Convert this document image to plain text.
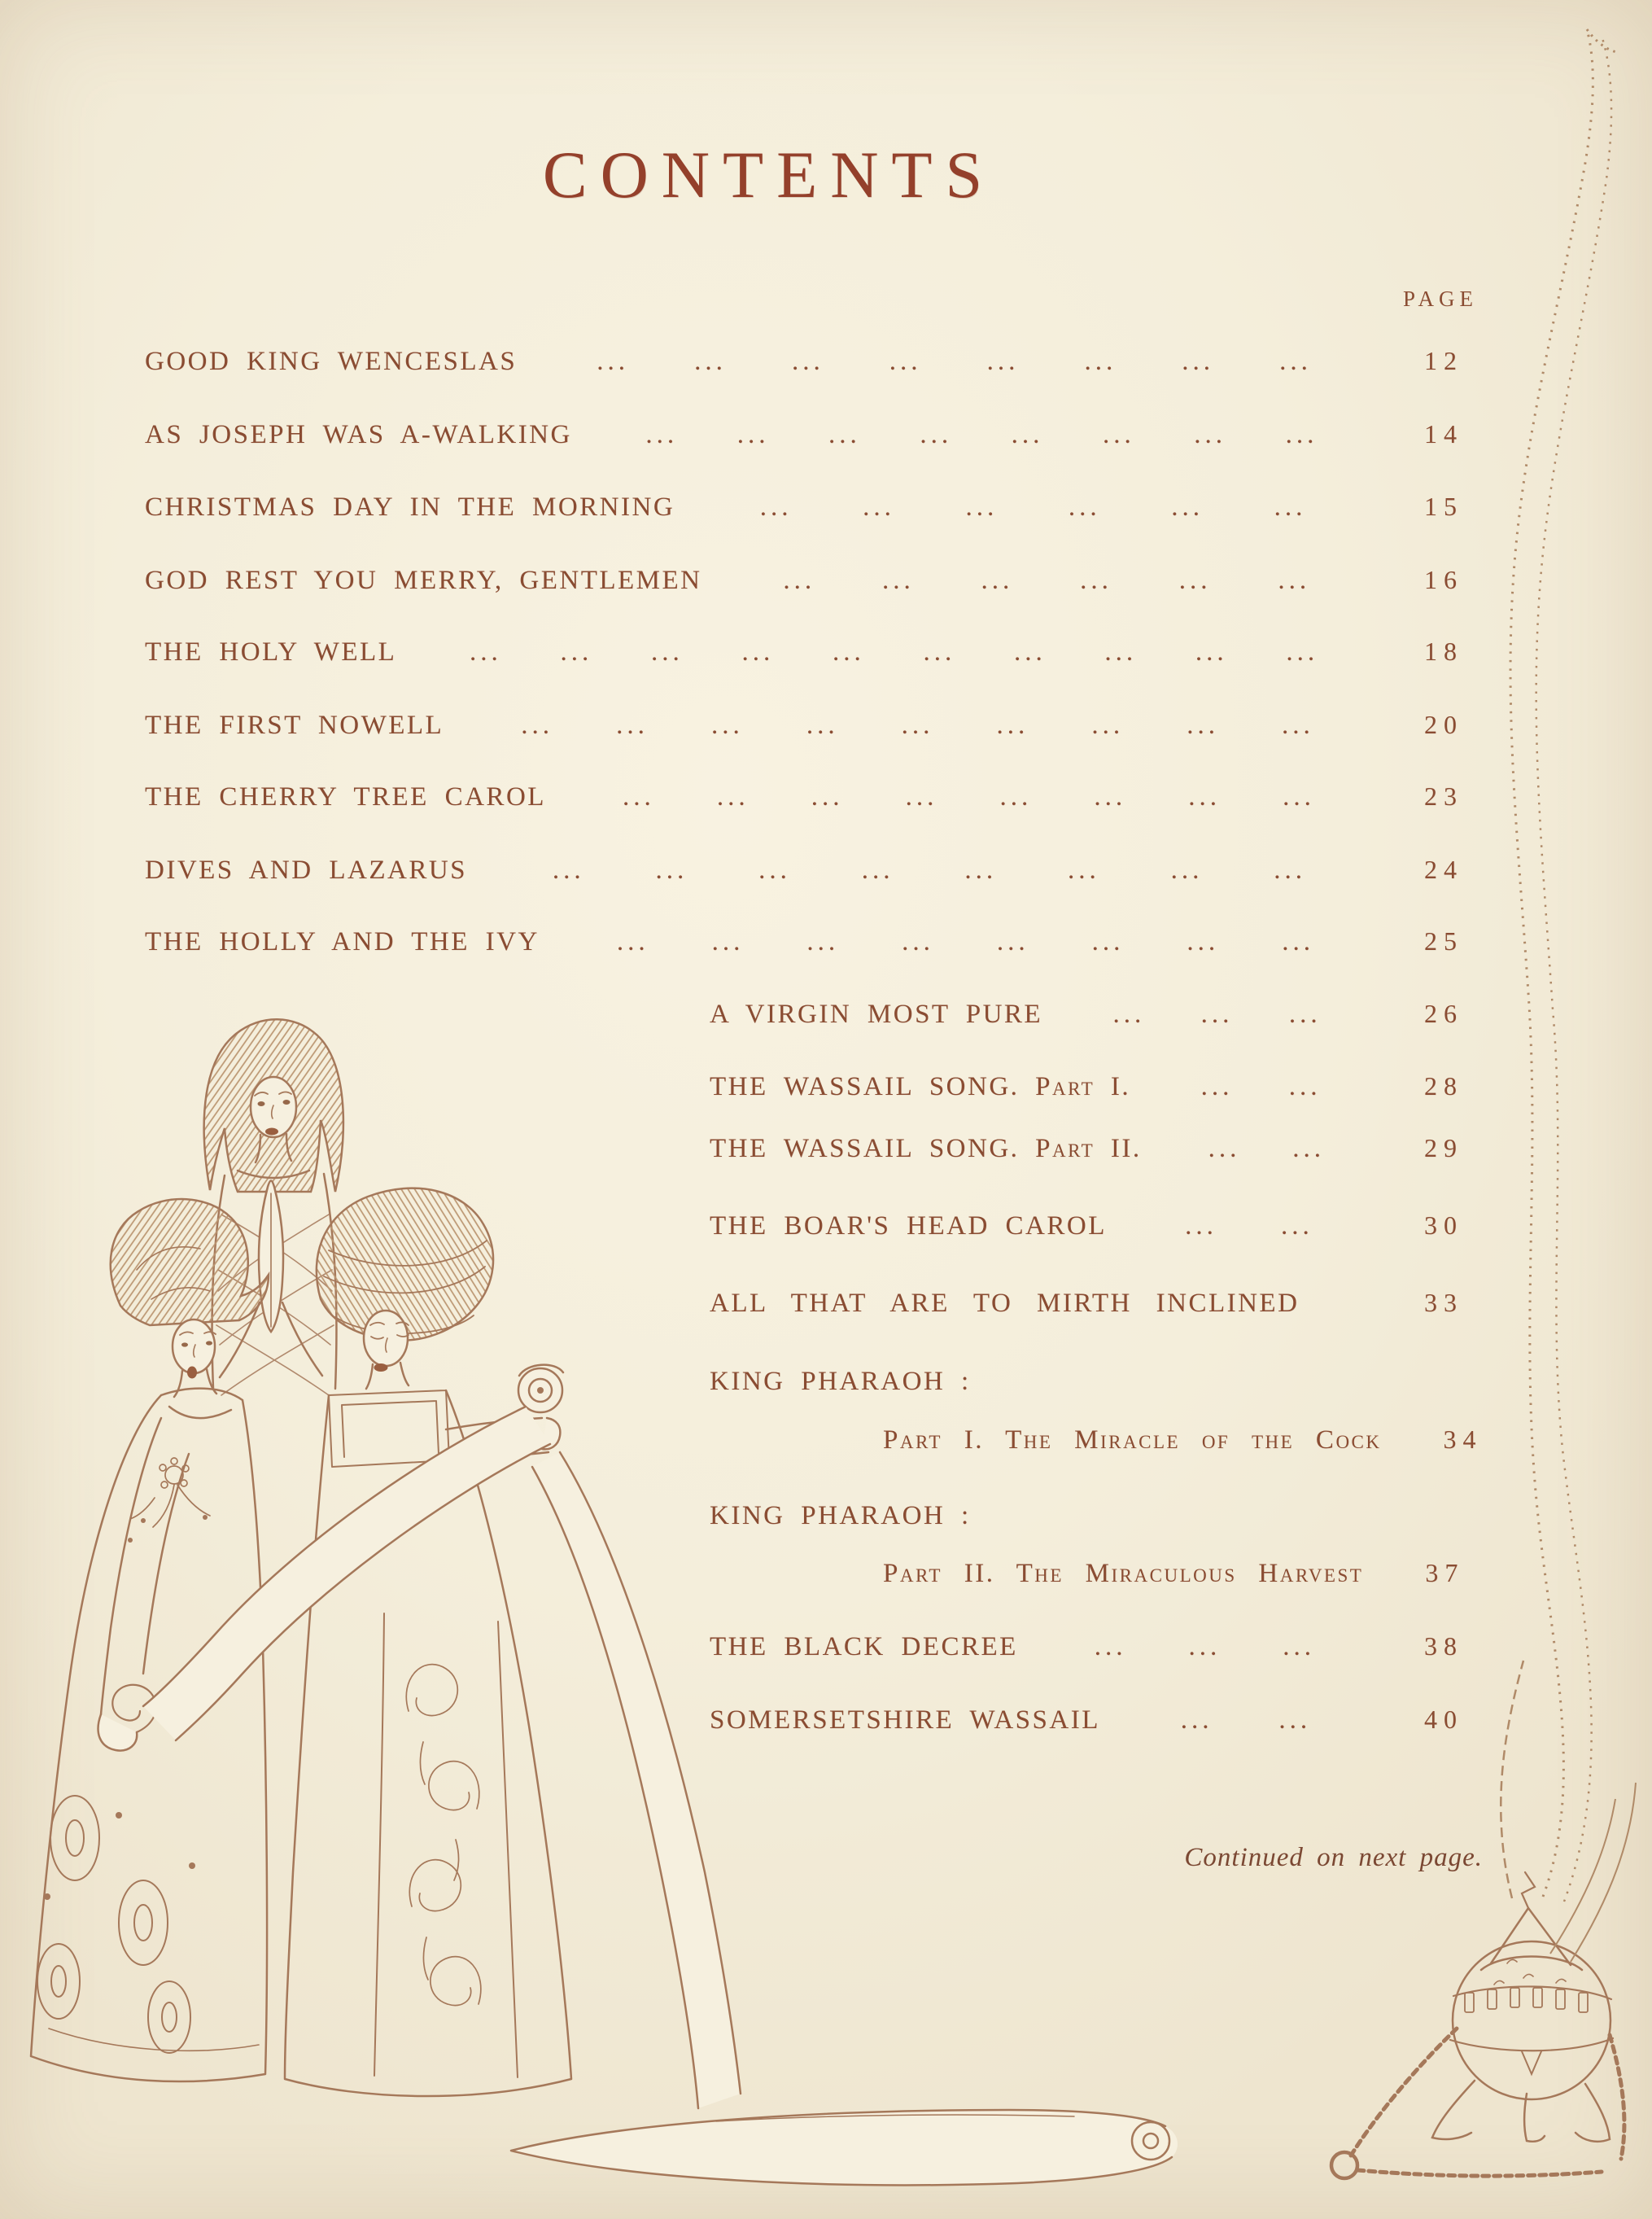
CONTENTS
PAGE
GOOD KING WENCESLAS	... ... ... ... ... ... ... ...	12
AS JOSEPH WAS A-WALKING	... ... ... ... ... ... ... ...	14
CHRISTMAS DAY IN THE MORNING	...	...	...	...	...	...	15
GOD REST YOU MERRY, GENTLEMEN	... ... ... ... ... ...	16
THE HOLY WELL	... ... ... ... ... ... ... ... ... ...	18
THE FIRST NOWELL	... ... ... ... ... ... ... ... ...	20
THE CHERRY TREE CAROL	... ... ... ... ... ... ... ...	23
DIVES AND LAZARUS	...	...	...	...	...	...	...	...	24
THE HOLLY AND THE IVY	... ... ... ... ... ... ... ...	25
A VIRGIN MOST PURE	... ... ...	26
THE WASSAIL SONG. Part I.	... ...	28
THE WASSAIL SONG. Part II. ... ...	29
THE BOAR'S HEAD CAROL	... ...	30
ALL THAT ARE TO MIRTH INCLINED	33
KING PHARAOH :
Part I. The Miracle of the Cock	34
KING PHARAOH :
Part II. The Miraculous Harvest	37
THE BLACK DECREE	... ... ...	38
SOMERSETSHIRE WASSAIL	... ...	40
Continued on next page.
